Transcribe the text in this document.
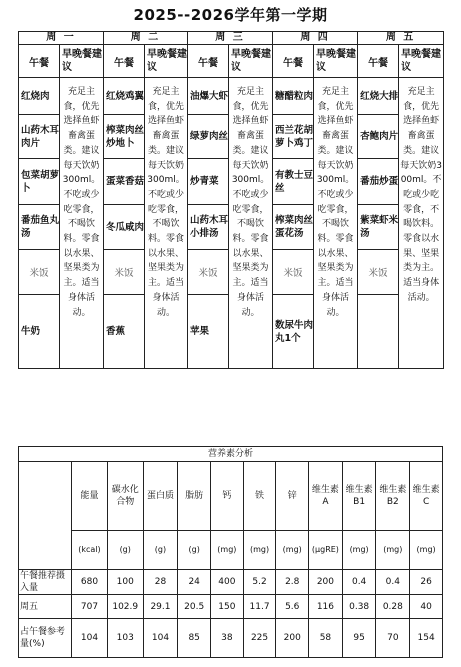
2025--2026学年第一学期
周 一		周 二		周 三		周 四		周 五	
午餐	早晚餐建议	午餐	早晚餐建议	午餐	早晚餐建议	午餐	早晚餐建议	午餐	早晚餐建议
红烧肉	充足主食，优先选择鱼虾畜禽蛋类。建议每天饮奶300ml。不吃或少吃零食，不喝饮料。零食以水果、坚果类为主。适当身体活动。	红烧鸡翼	充足主食，优先选择鱼虾畜禽蛋类。建议每天饮奶300ml。不吃或少吃零食，不喝饮料。零食以水果、坚果类为主。适当身体活动。	油爆大虾	充足主食，优先选择鱼虾畜禽蛋类。建议每天饮奶300ml。不吃或少吃零食，不喝饮料。零食以水果、坚果类为主。适当身体活动。	糖醋粒肉	充足主食，优先选择鱼虾畜禽蛋类。建议每天饮奶300ml。不吃或少吃零食，不喝饮料。零食以水果、坚果类为主。适当身体活动。	红烧大排	充足主食，优先选择鱼虾畜禽蛋类。建议每天饮奶300ml。不吃或少吃零食，不喝饮料。零食以水果、坚果类为主。适当身体活动。
山药木耳肉片		榨菜肉丝炒地卜		绿萝肉丝		西兰花胡萝卜鸡丁		杏鲍肉片	
包菜胡萝卜		蛋菜香菇		炒青菜		有教士豆丝		番茄炒蛋	
番茄鱼丸汤		冬瓜咸肉		山药木耳小排汤		榨菜肉丝蛋花汤		紫菜虾米汤	
米饭		米饭		米饭		米饭		米饭	
牛奶		香蕉		苹果		数尿牛肉丸1个			
营养素分析											
	能量	碳水化合物	蛋白质	脂肪	钙	铁	锌	维生素A	维生素B1	维生素B2	维生素C
	(kcal)	(g)	(g)	(g)	(mg)	(mg)	(mg)	(μgRE)	(mg)	(mg)	(mg)
午餐推荐摄入量	680	100	28	24	400	5.2	2.8	200	0.4	0.4	26
周五	707	102.9	29.1	20.5	150	11.7	5.6	116	0.38	0.28	40
占午餐参考量(%)	104	103	104	85	38	225	200	58	95	70	154
